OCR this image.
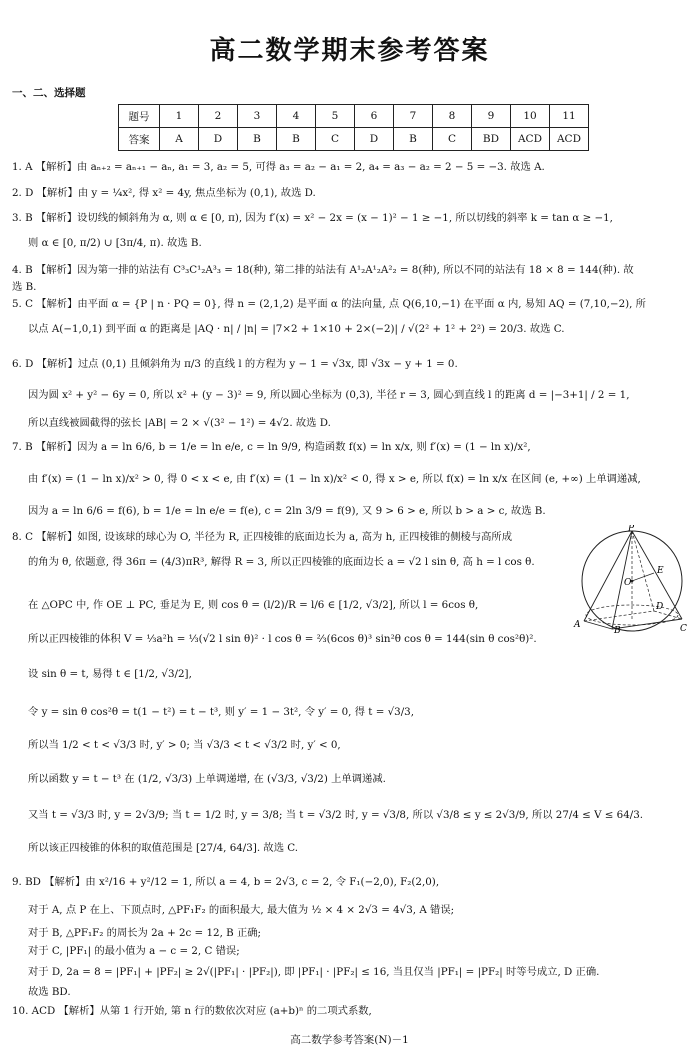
高二数学期末参考答案
一、二、选择题
题号	1	2	3	4	5	6	7	8	9	10	11
答案	A	D	B	B	C	D	B	C	BD	ACD	ACD
1. A 【解析】由 aₙ₊₂ = aₙ₊₁ − aₙ, a₁ = 3, a₂ = 5, 可得 a₃ = a₂ − a₁ = 2, a₄ = a₃ − a₂ = 2 − 5 = −3. 故选 A.
2. D 【解析】由 y = ¼x², 得 x² = 4y, 焦点坐标为 (0,1), 故选 D.
3. B 【解析】设切线的倾斜角为 α, 则 α ∈ [0, π), 因为 f′(x) = x² − 2x = (x − 1)² − 1 ≥ −1, 所以切线的斜率 k = tan α ≥ −1,
则 α ∈ [0, π/2) ∪ [3π/4, π). 故选 B.
4. B 【解析】因为第一排的站法有 C³₃C¹₂A³₃ = 18(种), 第二排的站法有 A¹₂A¹₂A²₂ = 8(种), 所以不同的站法有 18 × 8 = 144(种). 故
选 B.
5. C 【解析】由平面 α = {P | n · PQ = 0}, 得 n = (2,1,2) 是平面 α 的法向量, 点 Q(6,10,−1) 在平面 α 内, 易知 AQ = (7,10,−2), 所
以点 A(−1,0,1) 到平面 α 的距离是 |AQ · n| / |n| = |7×2 + 1×10 + 2×(−2)| / √(2² + 1² + 2²) = 20/3. 故选 C.
6. D 【解析】过点 (0,1) 且倾斜角为 π/3 的直线 l 的方程为 y − 1 = √3x, 即 √3x − y + 1 = 0.
因为圆 x² + y² − 6y = 0, 所以 x² + (y − 3)² = 9, 所以圆心坐标为 (0,3), 半径 r = 3, 圆心到直线 l 的距离 d = |−3+1| / 2 = 1,
所以直线被圆截得的弦长 |AB| = 2 × √(3² − 1²) = 4√2. 故选 D.
7. B 【解析】因为 a = ln 6/6, b = 1/e = ln e/e, c = ln 9/9, 构造函数 f(x) = ln x/x, 则 f′(x) = (1 − ln x)/x²,
由 f′(x) = (1 − ln x)/x² > 0, 得 0 < x < e, 由 f′(x) = (1 − ln x)/x² < 0, 得 x > e, 所以 f(x) = ln x/x 在区间 (e, +∞) 上单调递减,
因为 a = ln 6/6 = f(6), b = 1/e = ln e/e = f(e), c = 2ln 3/9 = f(9), 又 9 > 6 > e, 所以 b > a > c, 故选 B.
8. C 【解析】如图, 设该球的球心为 O, 半径为 R, 正四棱锥的底面边长为 a, 高为 h, 正四棱锥的侧棱与高所成
的角为 θ, 依题意, 得 36π = (4/3)πR³, 解得 R = 3, 所以正四棱锥的底面边长 a = √2 l sin θ, 高 h = l cos θ.
在 △OPC 中, 作 OE ⊥ PC, 垂足为 E, 则 cos θ = (l/2)/R = l/6 ∈ [1/2, √3/2], 所以 l = 6cos θ,
所以正四棱锥的体积 V = ⅓a²h = ⅓(√2 l sin θ)² · l cos θ = ⅔(6cos θ)³ sin²θ cos θ = 144(sin θ cos²θ)².
设 sin θ = t, 易得 t ∈ [1/2, √3/2],
令 y = sin θ cos²θ = t(1 − t²) = t − t³, 则 y′ = 1 − 3t², 令 y′ = 0, 得 t = √3/3,
所以当 1/2 < t < √3/3 时, y′ > 0; 当 √3/3 < t < √3/2 时, y′ < 0,
所以函数 y = t − t³ 在 (1/2, √3/3) 上单调递增, 在 (√3/3, √3/2) 上单调递减.
又当 t = √3/3 时, y = 2√3/9; 当 t = 1/2 时, y = 3/8; 当 t = √3/2 时, y = √3/8, 所以 √3/8 ≤ y ≤ 2√3/9, 所以 27/4 ≤ V ≤ 64/3.
所以该正四棱锥的体积的取值范围是 [27/4, 64/3]. 故选 C.
9. BD 【解析】由 x²/16 + y²/12 = 1, 所以 a = 4, b = 2√3, c = 2, 令 F₁(−2,0), F₂(2,0),
对于 A, 点 P 在上、下顶点时, △PF₁F₂ 的面积最大, 最大值为 ½ × 4 × 2√3 = 4√3, A 错误;
对于 B, △PF₁F₂ 的周长为 2a + 2c = 12, B 正确;
对于 C, |PF₁| 的最小值为 a − c = 2, C 错误;
对于 D, 2a = 8 = |PF₁| + |PF₂| ≥ 2√(|PF₁| · |PF₂|), 即 |PF₁| · |PF₂| ≤ 16, 当且仅当 |PF₁| = |PF₂| 时等号成立, D 正确.
故选 BD.
10. ACD 【解析】从第 1 行开始, 第 n 行的数依次对应 (a+b)ⁿ 的二项式系数,
P
E
O
D
A
B	C
高二数学参考答案(N)－1
